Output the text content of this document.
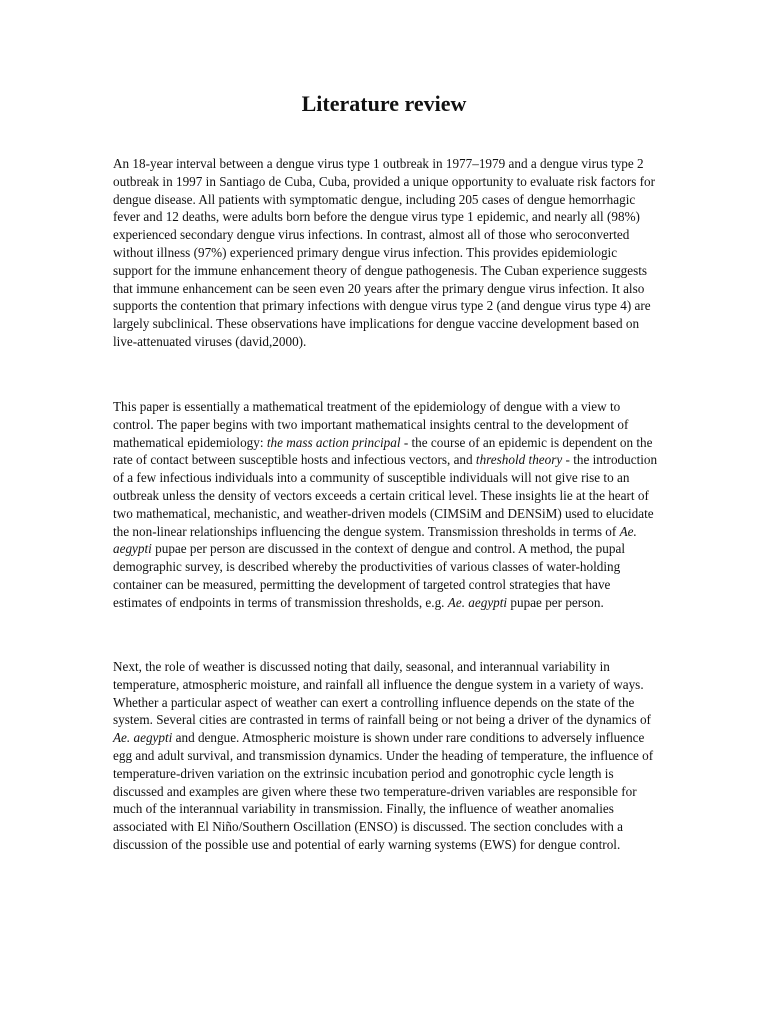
Literature review

An 18-year interval between a dengue virus type 1 outbreak in 1977–1979 and a dengue virus type 2 outbreak in 1997 in Santiago de Cuba, Cuba, provided a unique opportunity to evaluate risk factors for dengue disease. All patients with symptomatic dengue, including 205 cases of dengue hemorrhagic fever and 12 deaths, were adults born before the dengue virus type 1 epidemic, and nearly all (98%) experienced secondary dengue virus infections. In contrast, almost all of those who seroconverted without illness (97%) experienced primary dengue virus infection. This provides epidemiologic support for the immune enhancement theory of dengue pathogenesis. The Cuban experience suggests that immune enhancement can be seen even 20 years after the primary dengue virus infection. It also supports the contention that primary infections with dengue virus type 2 (and dengue virus type 4) are largely subclinical. These observations have implications for dengue vaccine development based on live-attenuated viruses (david,2000).

This paper is essentially a mathematical treatment of the epidemiology of dengue with a view to control. The paper begins with two important mathematical insights central to the development of mathematical epidemiology: the mass action principal - the course of an epidemic is dependent on the rate of contact between susceptible hosts and infectious vectors, and threshold theory - the introduction of a few infectious individuals into a community of susceptible individuals will not give rise to an outbreak unless the density of vectors exceeds a certain critical level. These insights lie at the heart of two mathematical, mechanistic, and weather-driven models (CIMSiM and DENSiM) used to elucidate the non-linear relationships influencing the dengue system. Transmission thresholds in terms of Ae. aegypti pupae per person are discussed in the context of dengue and control. A method, the pupal demographic survey, is described whereby the productivities of various classes of water-holding container can be measured, permitting the development of targeted control strategies that have estimates of endpoints in terms of transmission thresholds, e.g. Ae. aegypti pupae per person.

Next, the role of weather is discussed noting that daily, seasonal, and interannual variability in temperature, atmospheric moisture, and rainfall all influence the dengue system in a variety of ways. Whether a particular aspect of weather can exert a controlling influence depends on the state of the system. Several cities are contrasted in terms of rainfall being or not being a driver of the dynamics of Ae. aegypti and dengue. Atmospheric moisture is shown under rare conditions to adversely influence egg and adult survival, and transmission dynamics. Under the heading of temperature, the influence of temperature-driven variation on the extrinsic incubation period and gonotrophic cycle length is discussed and examples are given where these two temperature-driven variables are responsible for much of the interannual variability in transmission. Finally, the influence of weather anomalies associated with El Niño/Southern Oscillation (ENSO) is discussed. The section concludes with a discussion of the possible use and potential of early warning systems (EWS) for dengue control.
